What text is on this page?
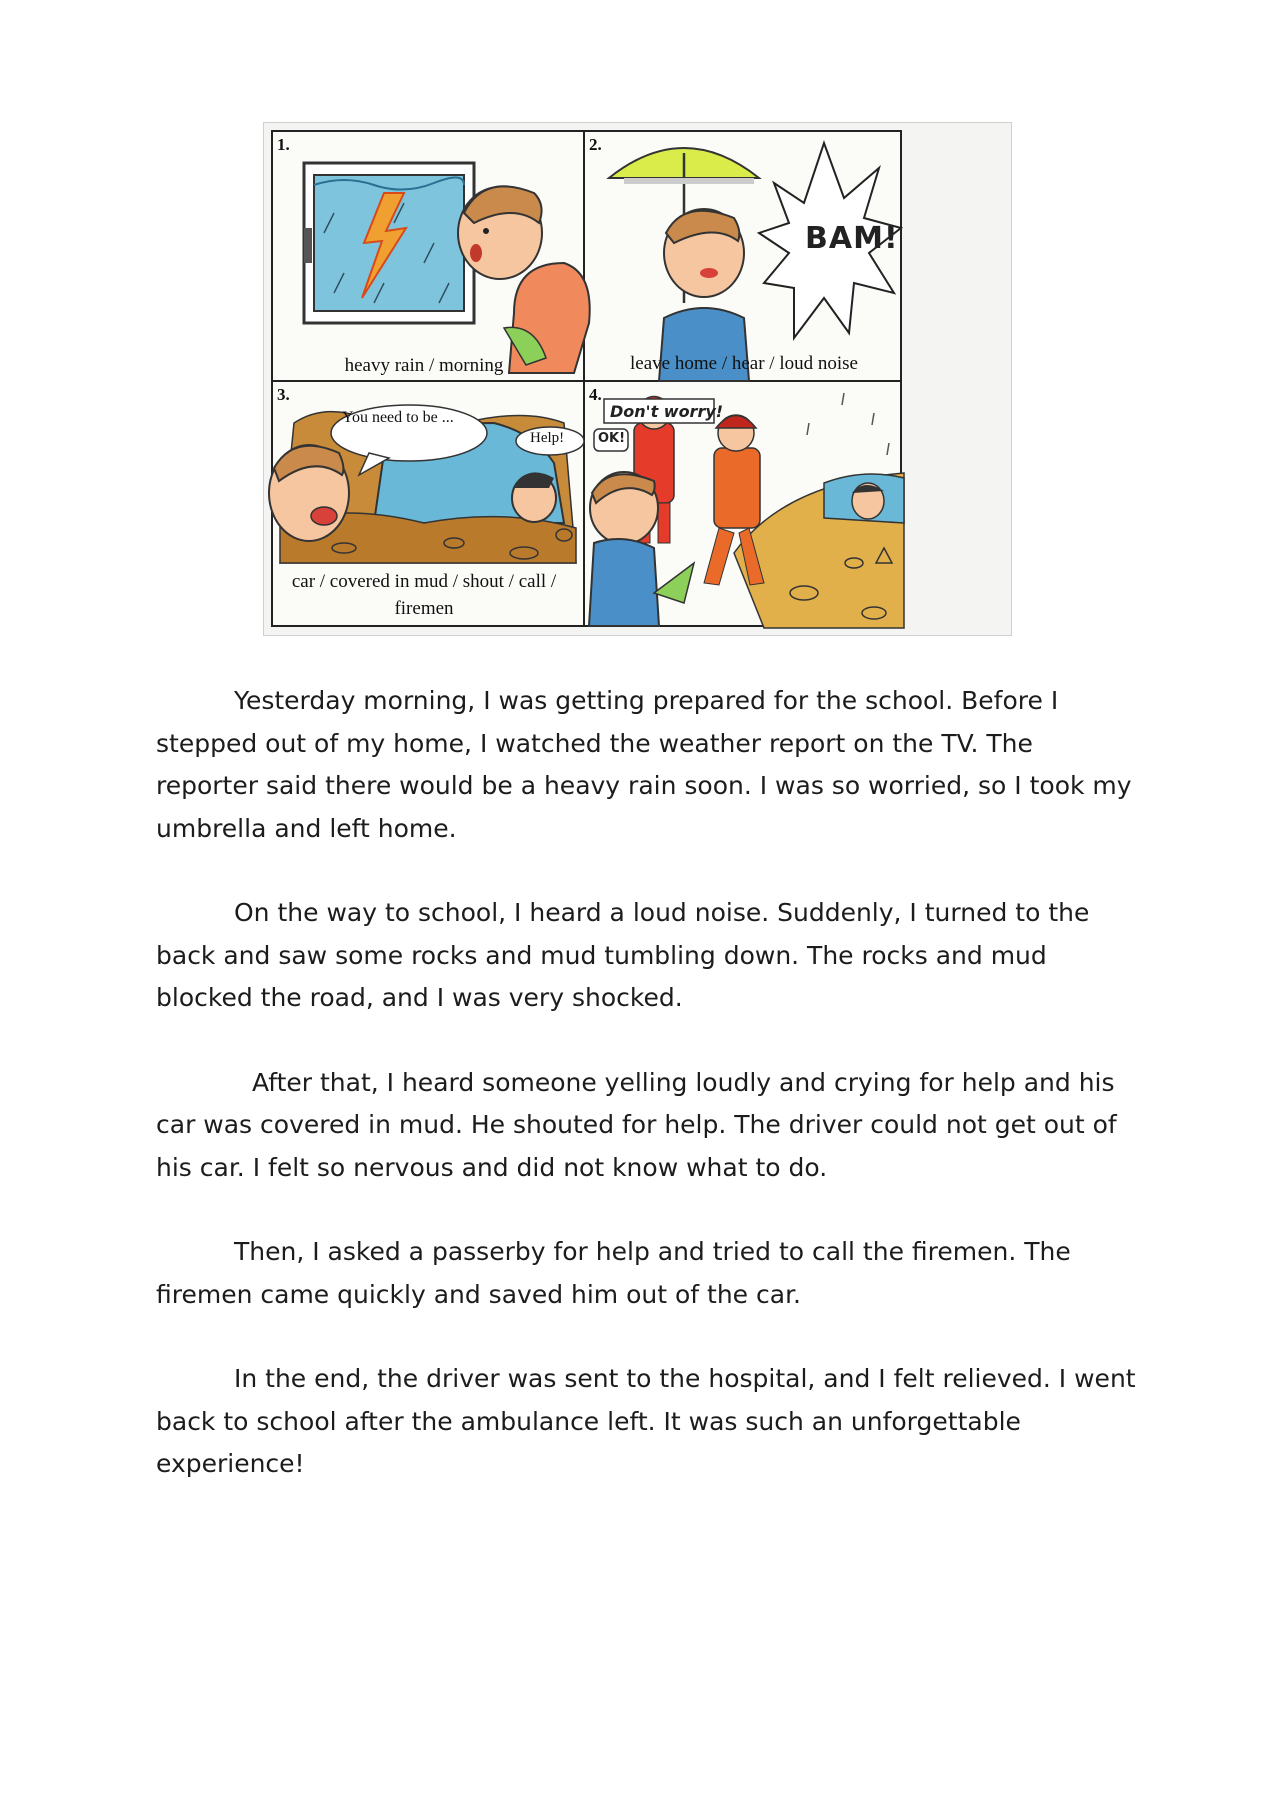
1.	2.
3.	4.
BAM!
You need to be ...
Help!
Don't worry!
OK!
heavy rain / morning	leave home / hear / loud noise
car / covered in mud / shout / call /
firemen

Yesterday morning, I was getting prepared for the school. Before I stepped out of my home, I watched the weather report on the TV. The reporter said there would be a heavy rain soon. I was so worried, so I took my umbrella and left home.

On the way to school, I heard a loud noise. Suddenly, I turned to the back and saw some rocks and mud tumbling down. The rocks and mud blocked the road, and I was very shocked.

After that, I heard someone yelling loudly and crying for help and his car was covered in mud. He shouted for help. The driver could not get out of his car. I felt so nervous and did not know what to do.

Then, I asked a passerby for help and tried to call the firemen. The firemen came quickly and saved him out of the car.

In the end, the driver was sent to the hospital, and I felt relieved. I went back to school after the ambulance left. It was such an unforgettable experience!
